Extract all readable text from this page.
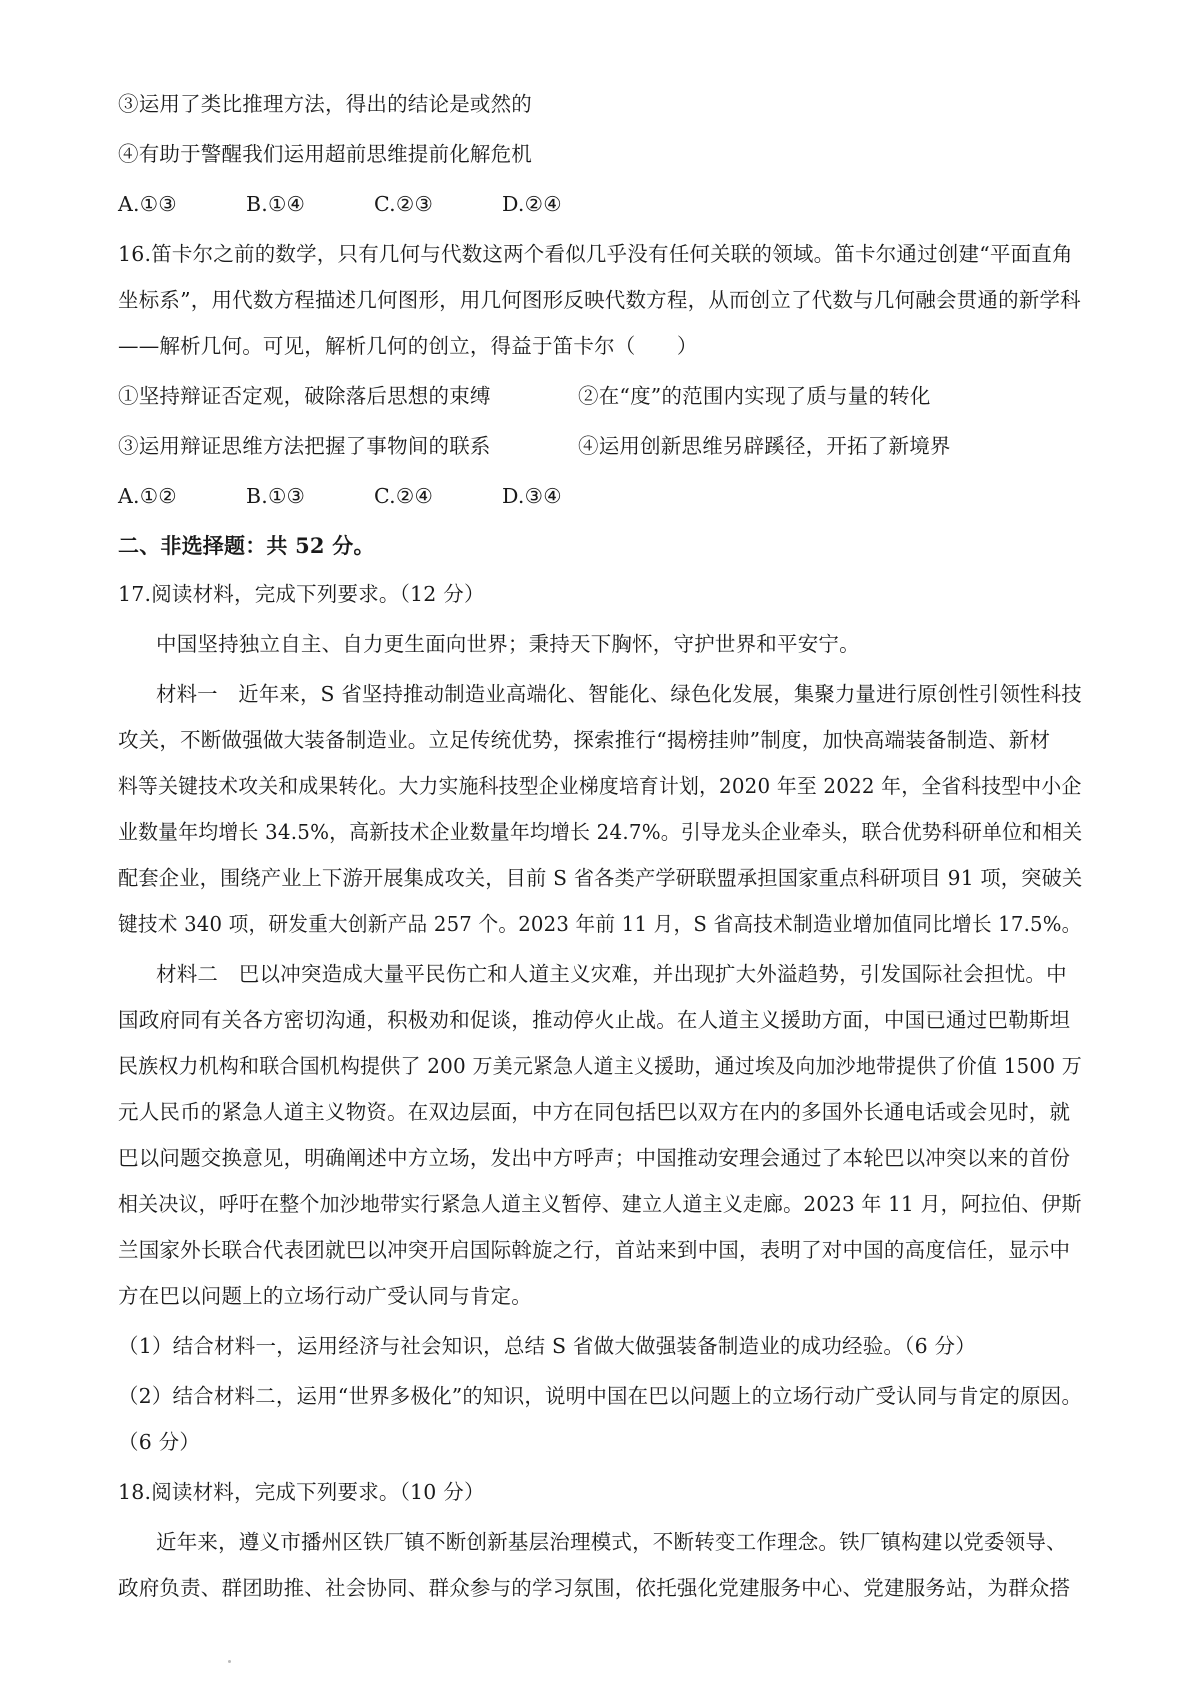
③运用了类比推理方法，得出的结论是或然的
④有助于警醒我们运用超前思维提前化解危机
A.①③	B.①④	C.②③	D.②④
16.笛卡尔之前的数学，只有几何与代数这两个看似几乎没有任何关联的领域。笛卡尔通过创建“平面直角
坐标系”，用代数方程描述几何图形，用几何图形反映代数方程，从而创立了代数与几何融会贯通的新学科
——解析几何。可见，解析几何的创立，得益于笛卡尔（　　）
①坚持辩证否定观，破除落后思想的束缚	②在“度”的范围内实现了质与量的转化
③运用辩证思维方法把握了事物间的联系	④运用创新思维另辟蹊径，开拓了新境界
A.①②	B.①③	C.②④	D.③④
二、非选择题：共 52 分。
17.阅读材料，完成下列要求。（12 分）
中国坚持独立自主、自力更生面向世界；秉持天下胸怀，守护世界和平安宁。
材料一　近年来，S 省坚持推动制造业高端化、智能化、绿色化发展，集聚力量进行原创性引领性科技
攻关，不断做强做大装备制造业。立足传统优势，探索推行“揭榜挂帅”制度，加快高端装备制造、新材
料等关键技术攻关和成果转化。大力实施科技型企业梯度培育计划，2020 年至 2022 年，全省科技型中小企
业数量年均增长 34.5%，高新技术企业数量年均增长 24.7%。引导龙头企业牵头，联合优势科研单位和相关
配套企业，围绕产业上下游开展集成攻关，目前 S 省各类产学研联盟承担国家重点科研项目 91 项，突破关
键技术 340 项，研发重大创新产品 257 个。2023 年前 11 月，S 省高技术制造业增加值同比增长 17.5%。
材料二　巴以冲突造成大量平民伤亡和人道主义灾难，并出现扩大外溢趋势，引发国际社会担忧。中
国政府同有关各方密切沟通，积极劝和促谈，推动停火止战。在人道主义援助方面，中国已通过巴勒斯坦
民族权力机构和联合国机构提供了 200 万美元紧急人道主义援助，通过埃及向加沙地带提供了价值 1500 万
元人民币的紧急人道主义物资。在双边层面，中方在同包括巴以双方在内的多国外长通电话或会见时，就
巴以问题交换意见，明确阐述中方立场，发出中方呼声；中国推动安理会通过了本轮巴以冲突以来的首份
相关决议，呼吁在整个加沙地带实行紧急人道主义暂停、建立人道主义走廊。2023 年 11 月，阿拉伯、伊斯
兰国家外长联合代表团就巴以冲突开启国际斡旋之行，首站来到中国，表明了对中国的高度信任，显示中
方在巴以问题上的立场行动广受认同与肯定。
（1）结合材料一，运用经济与社会知识，总结 S 省做大做强装备制造业的成功经验。（6 分）
（2）结合材料二，运用“世界多极化”的知识，说明中国在巴以问题上的立场行动广受认同与肯定的原因。
（6 分）
18.阅读材料，完成下列要求。（10 分）
近年来，遵义市播州区铁厂镇不断创新基层治理模式，不断转变工作理念。铁厂镇构建以党委领导、
政府负责、群团助推、社会协同、群众参与的学习氛围，依托强化党建服务中心、党建服务站，为群众搭
